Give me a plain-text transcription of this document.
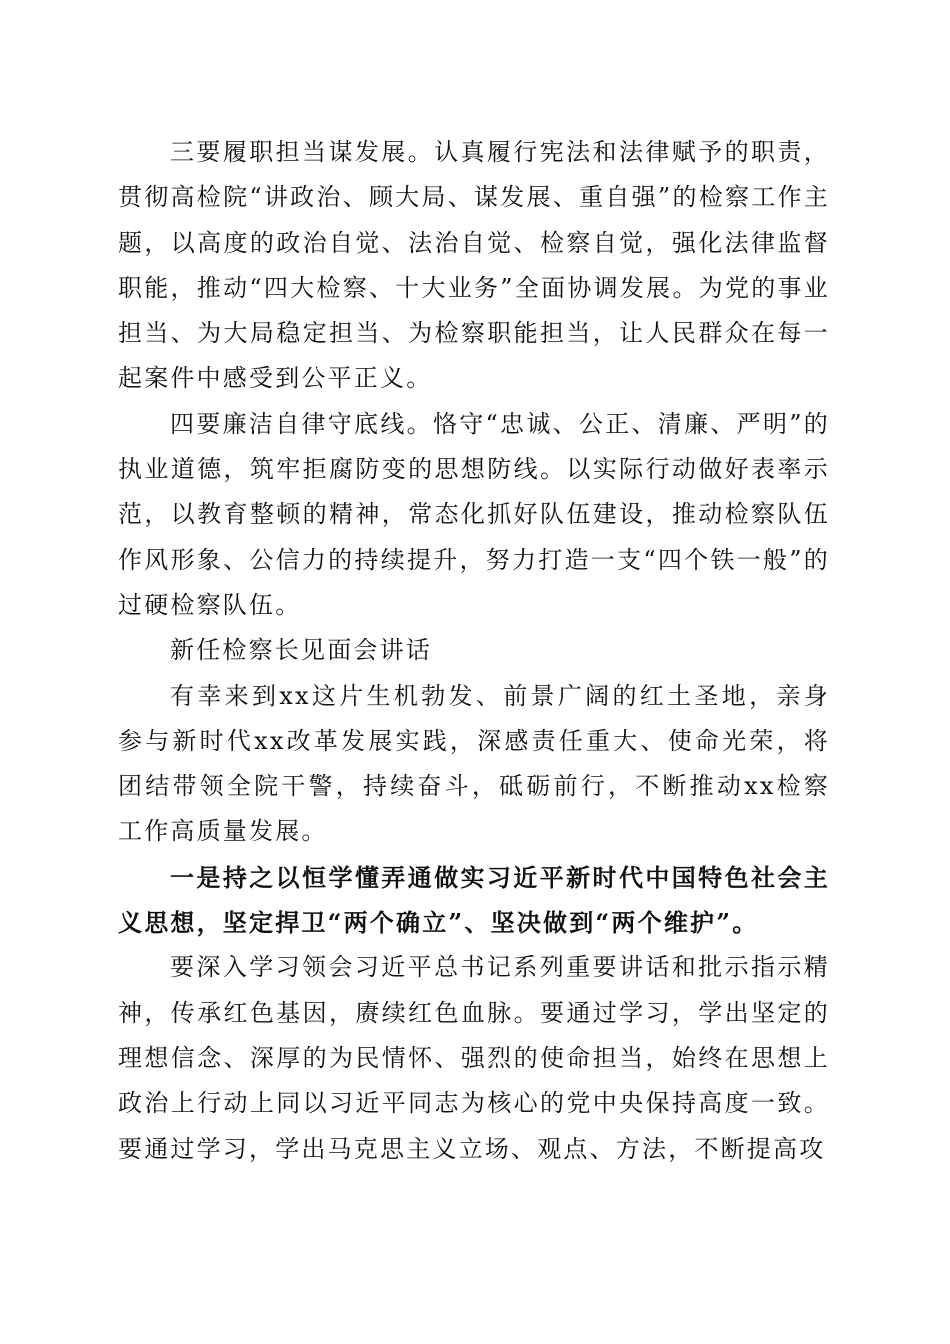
三要履职担当谋发展。认真履行宪法和法律赋予的职责，贯彻高检院“讲政治、顾大局、谋发展、重自强”的检察工作主题，以高度的政治自觉、法治自觉、检察自觉，强化法律监督职能，推动“四大检察、十大业务”全面协调发展。为党的事业担当、为大局稳定担当、为检察职能担当，让人民群众在每一起案件中感受到公平正义。

四要廉洁自律守底线。恪守“忠诚、公正、清廉、严明”的执业道德，筑牢拒腐防变的思想防线。以实际行动做好表率示范，以教育整顿的精神，常态化抓好队伍建设，推动检察队伍作风形象、公信力的持续提升，努力打造一支“四个铁一般”的过硬检察队伍。

新任检察长见面会讲话

有幸来到xx这片生机勃发、前景广阔的红土圣地，亲身参与新时代xx改革发展实践，深感责任重大、使命光荣，将团结带领全院干警，持续奋斗，砥砺前行，不断推动xx检察工作高质量发展。

一是持之以恒学懂弄通做实习近平新时代中国特色社会主义思想，坚定捍卫“两个确立”、坚决做到“两个维护”。

要深入学习领会习近平总书记系列重要讲话和批示指示精神，传承红色基因，赓续红色血脉。要通过学习，学出坚定的理想信念、深厚的为民情怀、强烈的使命担当，始终在思想上政治上行动上同以习近平同志为核心的党中央保持高度一致。要通过学习，学出马克思主义立场、观点、方法，不断提高攻
